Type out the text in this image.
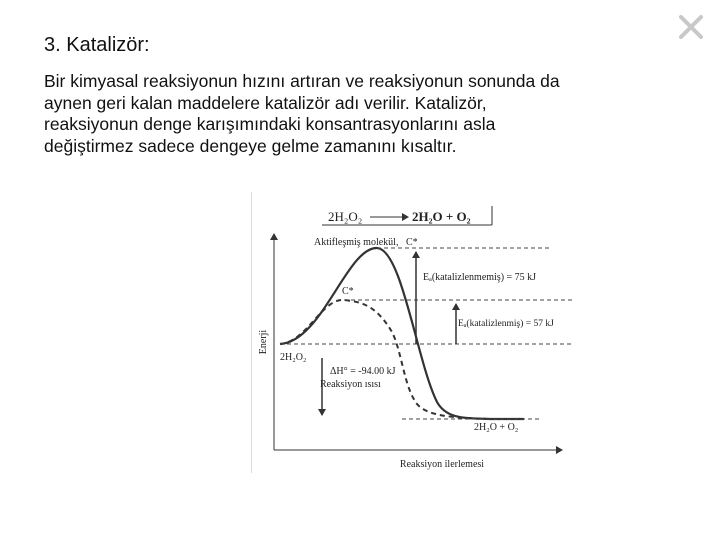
3. Katalizör:

Bir kimyasal reaksiyonun hızını artıran ve reaksiyonun sonunda da aynen geri kalan maddelere katalizör adı verilir. Katalizör, reaksiyonun denge karışımındaki konsantrasyonlarını asla değiştirmez sadece dengeye gelme zamanını kısaltır.

2H₂O₂	2H₂O + O₂
Enerji
Reaksiyon ilerlemesi
Aktifleşmiş molekül, C*
C*
Eₐ(katalizlenmemiş) = 75 kJ
Eₐ(katalizlenmiş) = 57 kJ
2H₂O₂
ΔH° = -94.00 kJ
Reaksiyon ısısı
2H₂O + O₂
